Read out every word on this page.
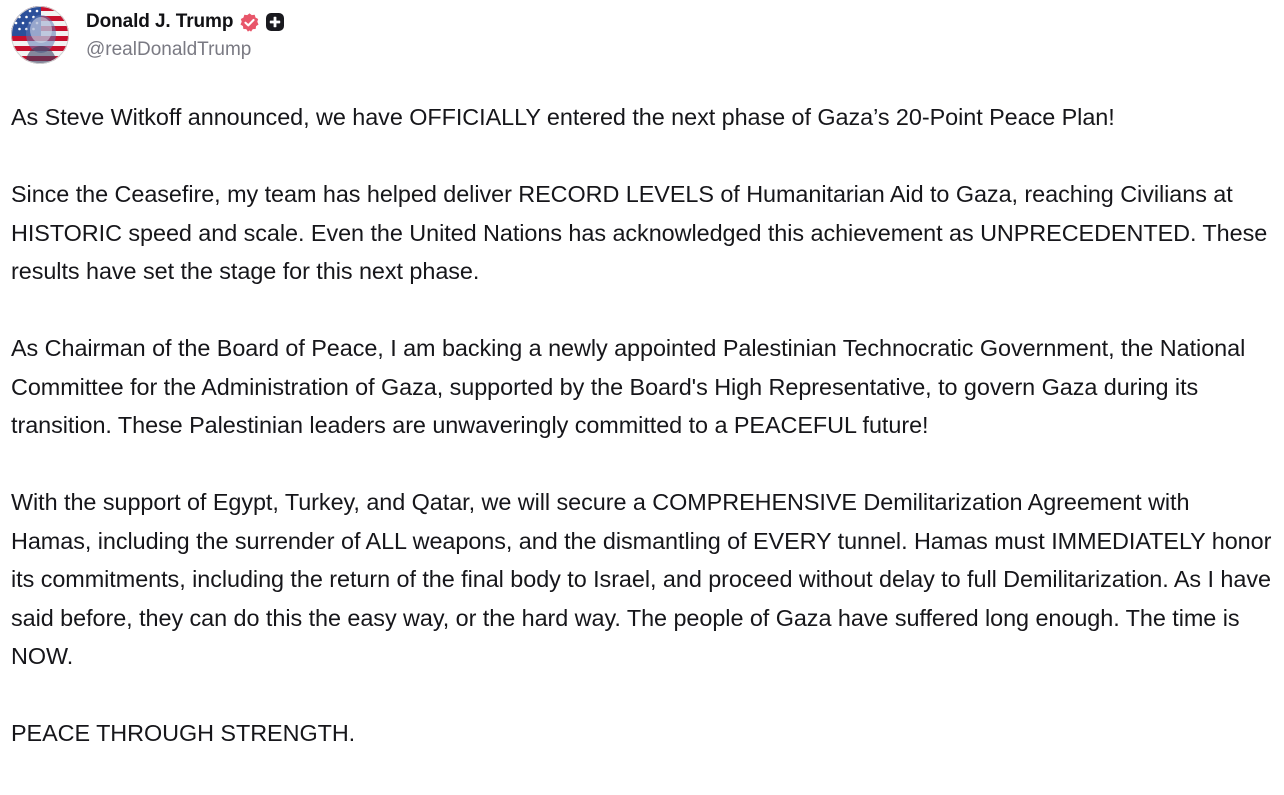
Donald J. Trump
@realDonaldTrump

As Steve Witkoff announced, we have OFFICIALLY entered the next phase of Gaza’s 20-Point Peace Plan!

Since the Ceasefire, my team has helped deliver RECORD LEVELS of Humanitarian Aid to Gaza, reaching Civilians at HISTORIC speed and scale. Even the United Nations has acknowledged this achievement as UNPRECEDENTED. These results have set the stage for this next phase.

As Chairman of the Board of Peace, I am backing a newly appointed Palestinian Technocratic Government, the National Committee for the Administration of Gaza, supported by the Board's High Representative, to govern Gaza during its transition. These Palestinian leaders are unwaveringly committed to a PEACEFUL future!

With the support of Egypt, Turkey, and Qatar, we will secure a COMPREHENSIVE Demilitarization Agreement with Hamas, including the surrender of ALL weapons, and the dismantling of EVERY tunnel. Hamas must IMMEDIATELY honor its commitments, including the return of the final body to Israel, and proceed without delay to full Demilitarization. As I have said before, they can do this the easy way, or the hard way. The people of Gaza have suffered long enough. The time is NOW.

PEACE THROUGH STRENGTH.
